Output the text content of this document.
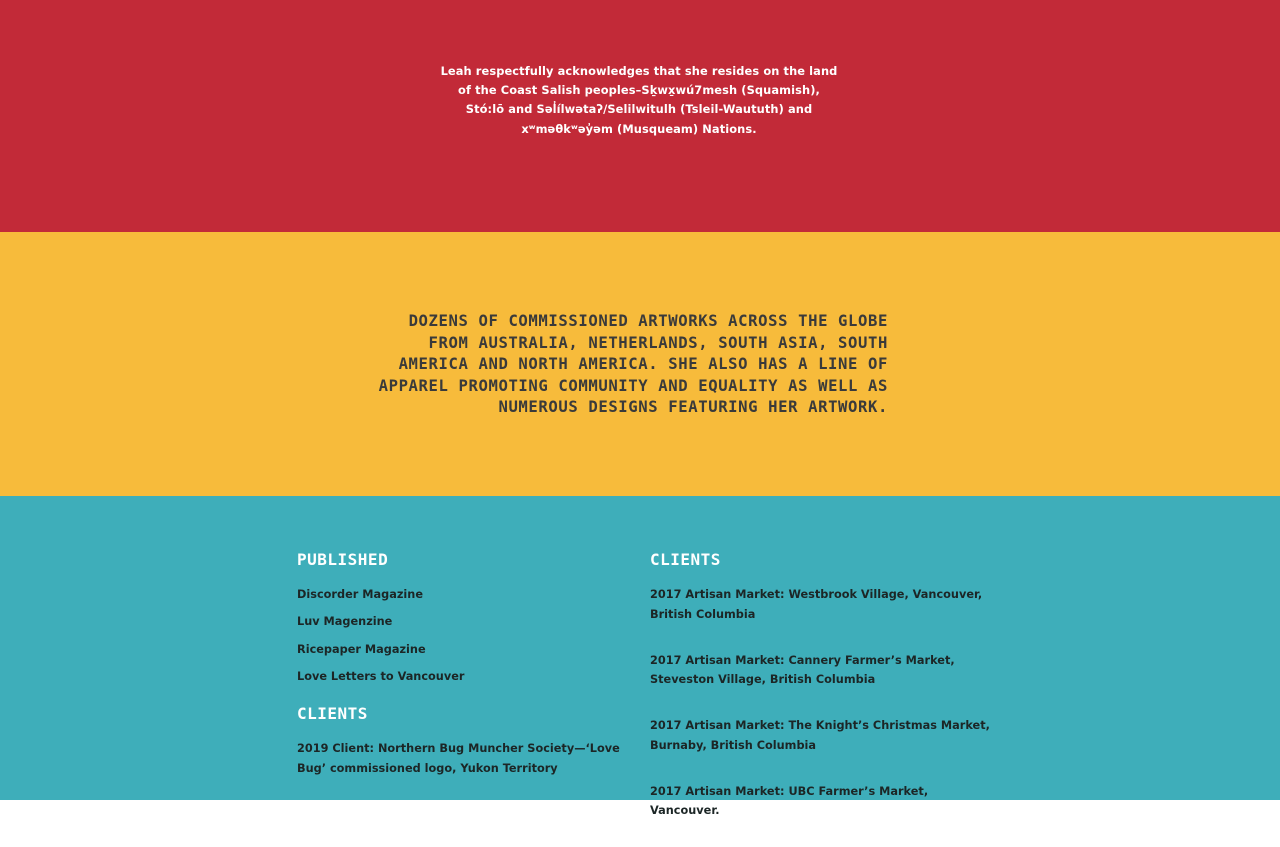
Leah respectfully acknowledges that she resides on the land of the Coast Salish peoples–Sḵwx̱wú7mesh (Squamish), Stó:lō and Səl̓ílwətaʔ/Selilwitulh (Tsleil-Waututh) and xʷməθkʷəy̓əm (Musqueam) Nations.

DOZENS OF COMMISSIONED ARTWORKS ACROSS THE GLOBE FROM AUSTRALIA, NETHERLANDS, SOUTH ASIA, SOUTH AMERICA AND NORTH AMERICA. SHE ALSO HAS A LINE OF APPAREL PROMOTING COMMUNITY AND EQUALITY AS WELL AS NUMEROUS DESIGNS FEATURING HER ARTWORK.

PUBLISHED
Discorder Magazine
Luv Magenzine
Ricepaper Magazine
Love Letters to Vancouver
CLIENTS
2019 Client: Northern Bug Muncher Society—‘Love Bug’ commissioned logo, Yukon Territory
CLIENTS
2017 Artisan Market: Westbrook Village, Vancouver, British Columbia
2017 Artisan Market: Cannery Farmer’s Market, Steveston Village, British Columbia
2017 Artisan Market: The Knight’s Christmas Market, Burnaby, British Columbia
2017 Artisan Market: UBC Farmer’s Market, Vancouver.
